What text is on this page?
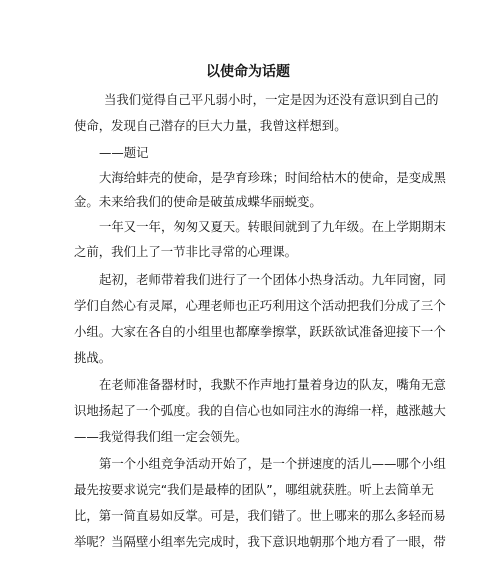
以使命为话题
当我们觉得自己平凡弱小时，一定是因为还没有意识到自己的
使命，发现自己潜存的巨大力量，我曾这样想到。
——题记
大海给蚌壳的使命，是孕育珍珠；时间给枯木的使命，是变成黑
金。未来给我们的使命是破茧成蝶华丽蜕变。
一年又一年，匆匆又夏天。转眼间就到了九年级。在上学期期末
之前，我们上了一节非比寻常的心理课。
起初，老师带着我们进行了一个团体小热身活动。九年同窗，同
学们自然心有灵犀，心理老师也正巧利用这个活动把我们分成了三个
小组。大家在各自的小组里也都摩拳擦掌，跃跃欲试准备迎接下一个
挑战。
在老师准备器材时，我默不作声地打量着身边的队友，嘴角无意
识地扬起了一个弧度。我的自信心也如同注水的海绵一样，越涨越大
——我觉得我们组一定会领先。
第一个小组竞争活动开始了，是一个拼速度的活儿——哪个小组
最先按要求说完“我们是最棒的团队”，哪组就获胜。听上去简单无
比，第一简直易如反掌。可是，我们错了。世上哪来的那么多轻而易
举呢？当隔壁小组率先完成时，我下意识地朝那个地方看了一眼，带
